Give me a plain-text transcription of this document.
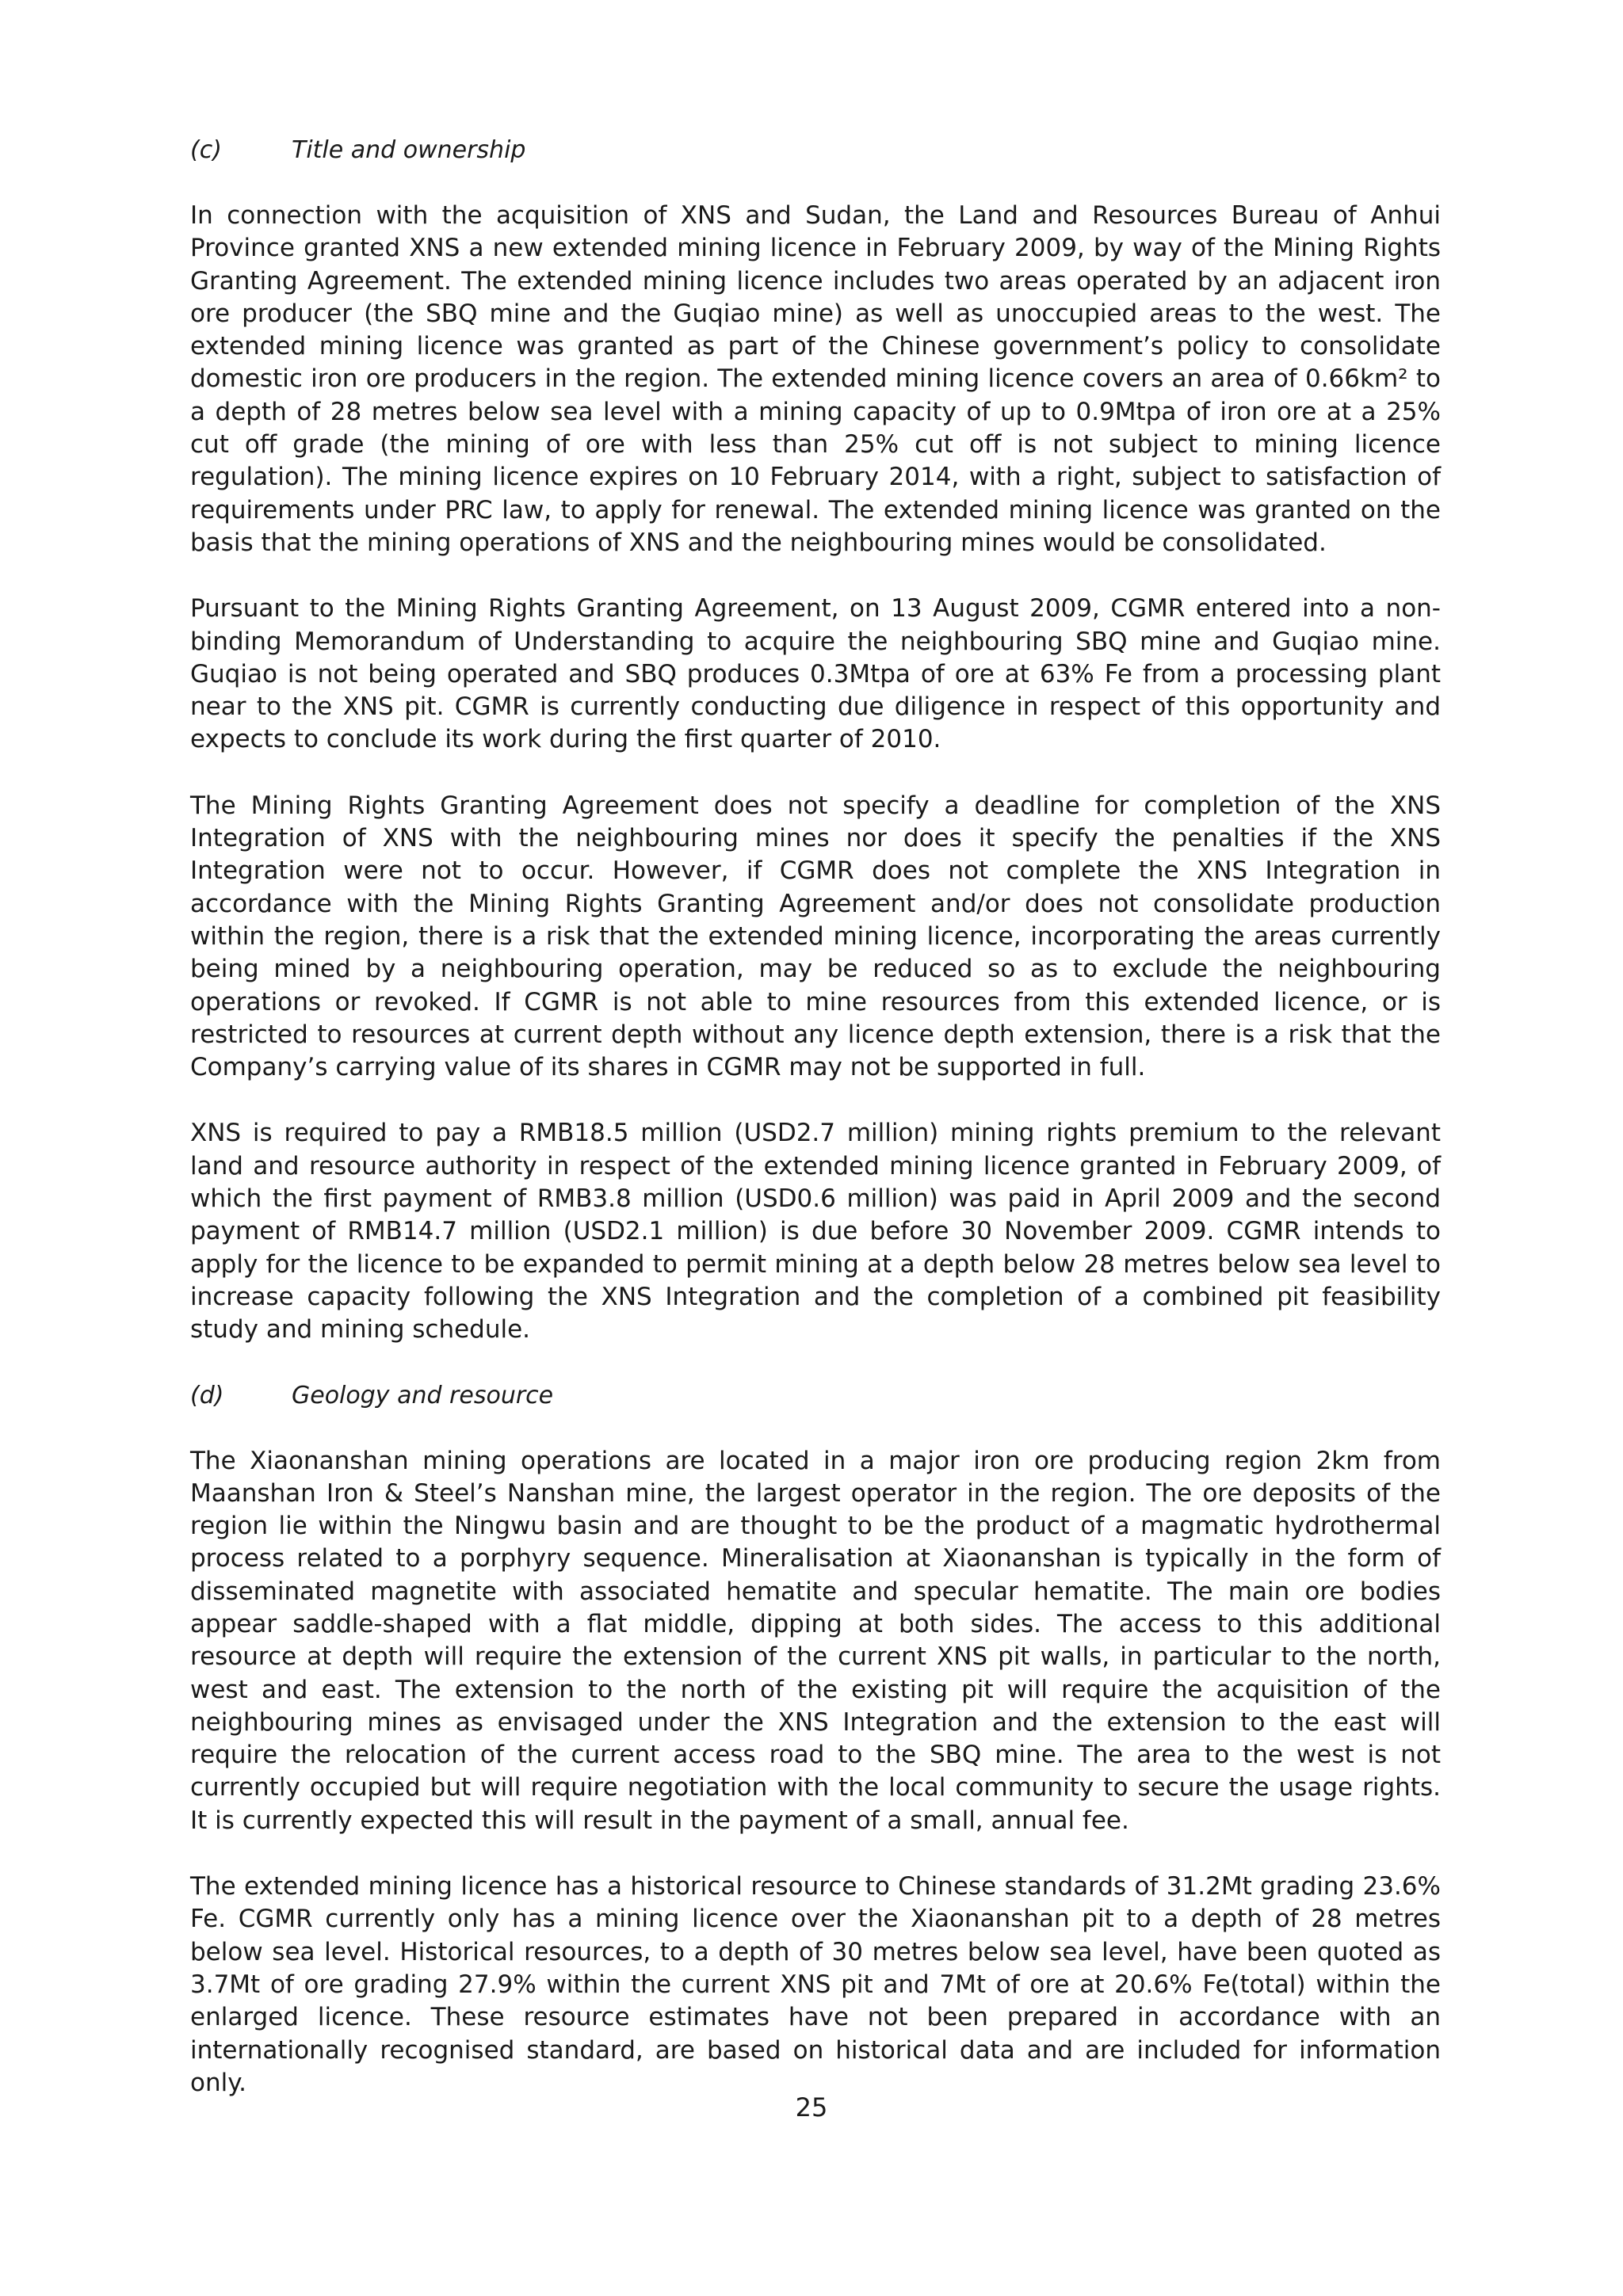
(c)	Title and ownership

In connection with the acquisition of XNS and Sudan, the Land and Resources Bureau of Anhui Province granted XNS a new extended mining licence in February 2009, by way of the Mining Rights Granting Agreement. The extended mining licence includes two areas operated by an adjacent iron ore producer (the SBQ mine and the Guqiao mine) as well as unoccupied areas to the west. The extended mining licence was granted as part of the Chinese government’s policy to consolidate domestic iron ore producers in the region. The extended mining licence covers an area of 0.66km² to a depth of 28 metres below sea level with a mining capacity of up to 0.9Mtpa of iron ore at a 25% cut off grade (the mining of ore with less than 25% cut off is not subject to mining licence regulation). The mining licence expires on 10 February 2014, with a right, subject to satisfaction of requirements under PRC law, to apply for renewal. The extended mining licence was granted on the basis that the mining operations of XNS and the neighbouring mines would be consolidated.

Pursuant to the Mining Rights Granting Agreement, on 13 August 2009, CGMR entered into a non-binding Memorandum of Understanding to acquire the neighbouring SBQ mine and Guqiao mine. Guqiao is not being operated and SBQ produces 0.3Mtpa of ore at 63% Fe from a processing plant near to the XNS pit. CGMR is currently conducting due diligence in respect of this opportunity and expects to conclude its work during the first quarter of 2010.

The Mining Rights Granting Agreement does not specify a deadline for completion of the XNS Integration of XNS with the neighbouring mines nor does it specify the penalties if the XNS Integration were not to occur. However, if CGMR does not complete the XNS Integration in accordance with the Mining Rights Granting Agreement and/or does not consolidate production within the region, there is a risk that the extended mining licence, incorporating the areas currently being mined by a neighbouring operation, may be reduced so as to exclude the neighbouring operations or revoked. If CGMR is not able to mine resources from this extended licence, or is restricted to resources at current depth without any licence depth extension, there is a risk that the Company’s carrying value of its shares in CGMR may not be supported in full.

XNS is required to pay a RMB18.5 million (USD2.7 million) mining rights premium to the relevant land and resource authority in respect of the extended mining licence granted in February 2009, of which the first payment of RMB3.8 million (USD0.6 million) was paid in April 2009 and the second payment of RMB14.7 million (USD2.1 million) is due before 30 November 2009. CGMR intends to apply for the licence to be expanded to permit mining at a depth below 28 metres below sea level to increase capacity following the XNS Integration and the completion of a combined pit feasibility study and mining schedule.

(d)	Geology and resource

The Xiaonanshan mining operations are located in a major iron ore producing region 2km from Maanshan Iron & Steel’s Nanshan mine, the largest operator in the region. The ore deposits of the region lie within the Ningwu basin and are thought to be the product of a magmatic hydrothermal process related to a porphyry sequence. Mineralisation at Xiaonanshan is typically in the form of disseminated magnetite with associated hematite and specular hematite. The main ore bodies appear saddle-shaped with a flat middle, dipping at both sides. The access to this additional resource at depth will require the extension of the current XNS pit walls, in particular to the north, west and east. The extension to the north of the existing pit will require the acquisition of the neighbouring mines as envisaged under the XNS Integration and the extension to the east will require the relocation of the current access road to the SBQ mine. The area to the west is not currently occupied but will require negotiation with the local community to secure the usage rights. It is currently expected this will result in the payment of a small, annual fee.

The extended mining licence has a historical resource to Chinese standards of 31.2Mt grading 23.6% Fe. CGMR currently only has a mining licence over the Xiaonanshan pit to a depth of 28 metres below sea level. Historical resources, to a depth of 30 metres below sea level, have been quoted as 3.7Mt of ore grading 27.9% within the current XNS pit and 7Mt of ore at 20.6% Fe(total) within the enlarged licence. These resource estimates have not been prepared in accordance with an internationally recognised standard, are based on historical data and are included for information only.

25
